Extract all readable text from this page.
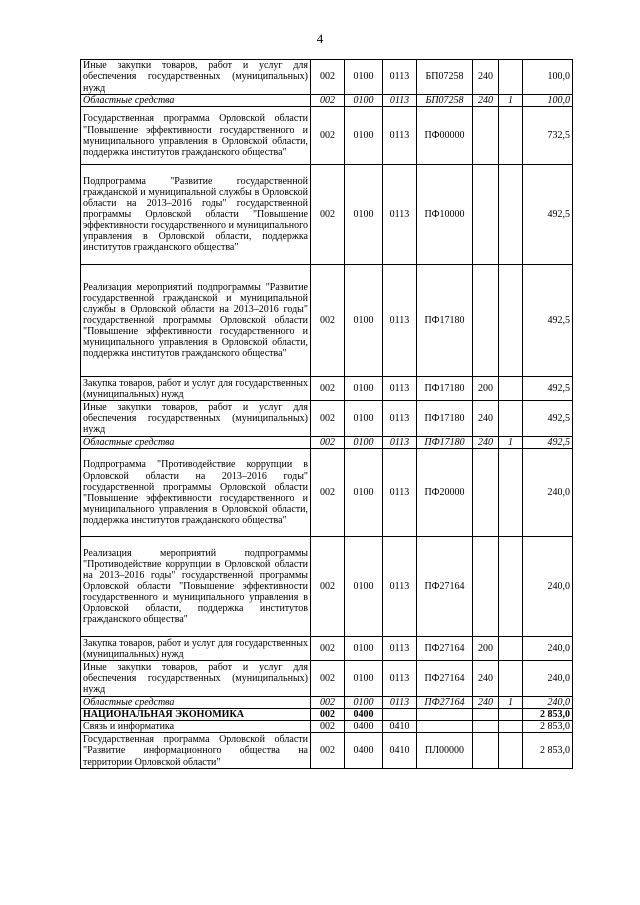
4
Иные закупки товаров, работ и услуг для обеспечения государственных (муниципальных) нужд	002	0100	0113	БП07258	240		100,0
Областные средства	002	0100	0113	БП07258	240	1	100,0
Государственная программа Орловской области "Повышение эффективности государственного и муниципального управления в Орловской области, поддержка институтов гражданского общества"	002	0100	0113	ПФ00000			732,5
Подпрограмма "Развитие государственной гражданской и муниципальной службы в Орловской области на 2013–2016 годы" государственной программы Орловской области "Повышение эффективности государственного и муниципального управления в Орловской области, поддержка институтов гражданского общества"	002	0100	0113	ПФ10000			492,5
Реализация мероприятий подпрограммы "Развитие государственной гражданской и муниципальной службы в Орловской области на 2013–2016 годы" государственной программы Орловской области "Повышение эффективности государственного и муниципального управления в Орловской области, поддержка институтов гражданского общества"	002	0100	0113	ПФ17180			492,5
Закупка товаров, работ и услуг для государственных (муниципальных) нужд	002	0100	0113	ПФ17180	200		492,5
Иные закупки товаров, работ и услуг для обеспечения государственных (муниципальных) нужд	002	0100	0113	ПФ17180	240		492,5
Областные средства	002	0100	0113	ПФ17180	240	1	492,5
Подпрограмма "Противодействие коррупции в Орловской области на 2013–2016 годы" государственной программы Орловской области "Повышение эффективности государственного и муниципального управления в Орловской области, поддержка институтов гражданского общества"	002	0100	0113	ПФ20000			240,0
Реализация мероприятий подпрограммы "Противодействие коррупции в Орловской области на 2013–2016 годы" государственной программы Орловской области "Повышение эффективности государственного и муниципального управления в Орловской области, поддержка институтов гражданского общества"	002	0100	0113	ПФ27164			240,0
Закупка товаров, работ и услуг для государственных (муниципальных) нужд	002	0100	0113	ПФ27164	200		240,0
Иные закупки товаров, работ и услуг для обеспечения государственных (муниципальных) нужд	002	0100	0113	ПФ27164	240		240,0
Областные средства	002	0100	0113	ПФ27164	240	1	240,0
НАЦИОНАЛЬНАЯ ЭКОНОМИКА	002	0400					2 853,0
Связь и информатика	002	0400	0410				2 853,0
Государственная программа Орловской области "Развитие информационного общества на территории Орловской области"	002	0400	0410	ПЛ00000			2 853,0
